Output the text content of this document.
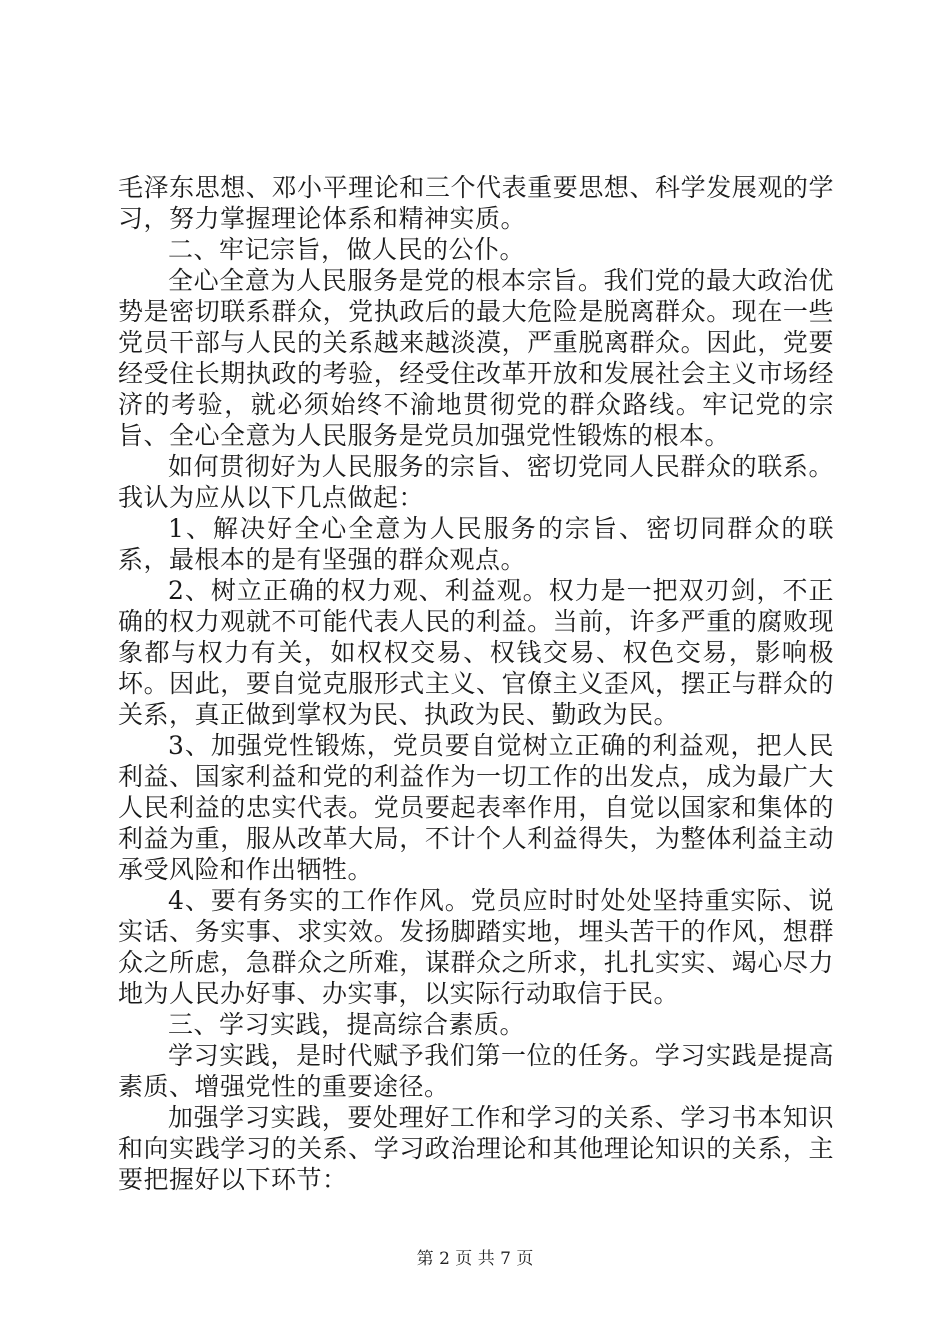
毛泽东思想、邓小平理论和三个代表重要思想、科学发展观的学习，努力掌握理论体系和精神实质。

二、牢记宗旨，做人民的公仆。

全心全意为人民服务是党的根本宗旨。我们党的最大政治优势是密切联系群众，党执政后的最大危险是脱离群众。现在一些党员干部与人民的关系越来越淡漠，严重脱离群众。因此，党要经受住长期执政的考验，经受住改革开放和发展社会主义市场经济的考验，就必须始终不渝地贯彻党的群众路线。牢记党的宗旨、全心全意为人民服务是党员加强党性锻炼的根本。

如何贯彻好为人民服务的宗旨、密切党同人民群众的联系。我认为应从以下几点做起：

1、解决好全心全意为人民服务的宗旨、密切同群众的联系，最根本的是有坚强的群众观点。

2、树立正确的权力观、利益观。权力是一把双刃剑，不正确的权力观就不可能代表人民的利益。当前，许多严重的腐败现象都与权力有关，如权权交易、权钱交易、权色交易，影响极坏。因此，要自觉克服形式主义、官僚主义歪风，摆正与群众的关系，真正做到掌权为民、执政为民、勤政为民。

3、加强党性锻炼，党员要自觉树立正确的利益观，把人民利益、国家利益和党的利益作为一切工作的出发点，成为最广大人民利益的忠实代表。党员要起表率作用，自觉以国家和集体的利益为重，服从改革大局，不计个人利益得失，为整体利益主动承受风险和作出牺牲。

4、要有务实的工作作风。党员应时时处处坚持重实际、说实话、务实事、求实效。发扬脚踏实地，埋头苦干的作风，想群众之所虑，急群众之所难，谋群众之所求，扎扎实实、竭心尽力地为人民办好事、办实事，以实际行动取信于民。

三、学习实践，提高综合素质。

学习实践，是时代赋予我们第一位的任务。学习实践是提高素质、增强党性的重要途径。

加强学习实践，要处理好工作和学习的关系、学习书本知识和向实践学习的关系、学习政治理论和其他理论知识的关系，主要把握好以下环节：

第 2 页 共 7 页
